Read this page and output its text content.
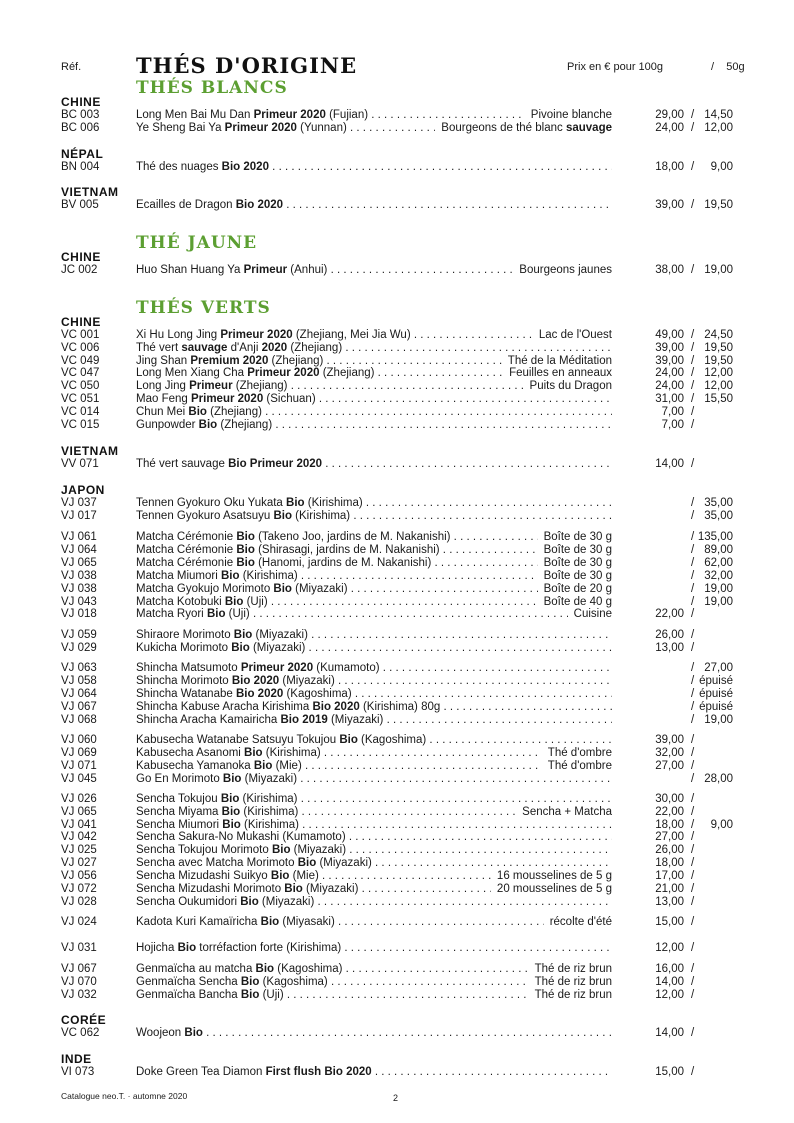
Réf.	THÉS D'ORIGINE	Prix en € pour 100g	/ 50g
THÉS BLANCS
THÉ JAUNE
THÉS VERTS
CHINE
NÉPAL
VIETNAM
CHINE
CHINE
VIETNAM
JAPON
CORÉE
INDE
BC 003	Long Men Bai Mu Dan Primeur 2020 (Fujian) . . .	Pivoine blanche	29,00 / 14,50
BC 006	Ye Sheng Bai Ya Primeur 2020 (Yunnan) . . .	Bourgeons de thé blanc sauvage	24,00 / 12,00
BN 004	Thé des nuages Bio 2020 . . .	18,00 / 9,00
BV 005	Écailles de Dragon Bio 2020 . . .	39,00 / 19,50
JC 002	Huo Shan Huang Ya Primeur (Anhui) . . .	Bourgeons jaunes	38,00 / 19,00
VC 001	Xi Hu Long Jing Primeur 2020 (Zhejiang, Mei Jia Wu) . . .	Lac de l'Ouest	49,00 / 24,50
VC 006	Thé vert sauvage d'Anji 2020 (Zhejiang) . . .	39,00 / 19,50
VC 049	Jing Shan Premium 2020 (Zhejiang) . . .	Thé de la Méditation	39,00 / 19,50
VC 047	Long Men Xiang Cha Primeur 2020 (Zhejiang) . . .	Feuilles en anneaux	24,00 / 12,00
VC 050	Long Jing Primeur (Zhejiang) . . .	Puits du Dragon	24,00 / 12,00
VC 051	Mao Feng Primeur 2020 (Sichuan) . . .	31,00 / 15,50
VC 014	Chun Mei Bio (Zhejiang) . . .	7,00 /
VC 015	Gunpowder Bio (Zhejiang) . . .	7,00 /
VV 071	Thé vert sauvage Bio Primeur 2020 . . .	14,00 /
VJ 037	Tennen Gyokuro Oku Yukata Bio (Kirishima) . . .	/ 35,00
VJ 017	Tennen Gyokuro Asatsuyu Bio (Kirishima) . . .	/ 35,00
VJ 061	Matcha Cérémonie Bio (Takeno Joo, jardins de M. Nakanishi) . . .	Boîte de 30 g	/ 135,00
VJ 064	Matcha Cérémonie Bio (Shirasagi, jardins de M. Nakanishi) . . .	Boîte de 30 g	/ 89,00
VJ 065	Matcha Cérémonie Bio (Hanomi, jardins de M. Nakanishi) . . .	Boîte de 30 g	/ 62,00
VJ 038	Matcha Miumori Bio (Kirishima) . . .	Boîte de 30 g	/ 32,00
VJ 038	Matcha Gyokujo Morimoto Bio (Miyazaki) . . .	Boîte de 20 g	/ 19,00
VJ 043	Matcha Kotobuki Bio (Uji) . . .	Boîte de 40 g	/ 19,00
VJ 018	Matcha Ryori Bio (Uji) . . .	Cuisine	22,00 /
VJ 059	Shiraore Morimoto Bio (Miyazaki) . . .	26,00 /
VJ 029	Kukicha Morimoto Bio (Miyazaki) . . .	13,00 /
VJ 063	Shincha Matsumoto Primeur 2020 (Kumamoto) . . .	/ 27,00
VJ 058	Shincha Morimoto Bio 2020 (Miyazaki) . . .	/ épuisé
VJ 064	Shincha Watanabe Bio 2020 (Kagoshima) . . .	/ épuisé
VJ 067	Shincha Kabuse Aracha Kirishima Bio 2020 (Kirishima) 80g . . .	/ épuisé
VJ 068	Shincha Aracha Kamairicha Bio 2019 (Miyazaki) . . .	/ 19,00
VJ 060	Kabusecha Watanabe Satsuyu Tokujou Bio (Kagoshima) . . .	39,00 /
VJ 069	Kabusecha Asanomi Bio (Kirishima) . . .	Thé d'ombre	32,00 /
VJ 071	Kabusecha Yamanoka Bio (Mie) . . .	Thé d'ombre	27,00 /
VJ 045	Go En Morimoto Bio (Miyazaki) . . .	/ 28,00
VJ 026	Sencha Tokujou Bio (Kirishima) . . .	30,00 /
VJ 065	Sencha Miyama Bio (Kirishima) . . .	Sencha + Matcha	22,00 /
VJ 041	Sencha Miumori Bio (Kirishima) . . .	18,00 / 9,00
VJ 042	Sencha Sakura-No Mukashi (Kumamoto) . . .	27,00 /
VJ 025	Sencha Tokujou Morimoto Bio (Miyazaki) . . .	26,00 /
VJ 027	Sencha avec Matcha Morimoto Bio (Miyazaki) . . .	18,00 /
VJ 056	Sencha Mizudashi Suikyo Bio (Mie) . . .	16 mousselines de 5 g	17,00 /
VJ 072	Sencha Mizudashi Morimoto Bio (Miyazaki) . . .	20 mousselines de 5 g	21,00 /
VJ 028	Sencha Oukumidori Bio (Miyazaki) . . .	13,00 /
VJ 024	Kadota Kuri Kamaïricha Bio (Miyasaki) . . .	récolte d'été	15,00 /
VJ 031	Hojicha Bio torréfaction forte (Kirishima) . . .	12,00 /
VJ 067	Genmaïcha au matcha Bio (Kagoshima) . . .	Thé de riz brun	16,00 /
VJ 070	Genmaïcha Sencha Bio (Kagoshima) . . .	Thé de riz brun	14,00 /
VJ 032	Genmaïcha Bancha Bio (Uji) . . .	Thé de riz brun	12,00 /
VC 062	Woojeon Bio . . .	14,00 /
VI 073	Doke Green Tea Diamon First flush Bio 2020 . . .	15,00 /
Catalogue neo.T. · automne 2020	2
